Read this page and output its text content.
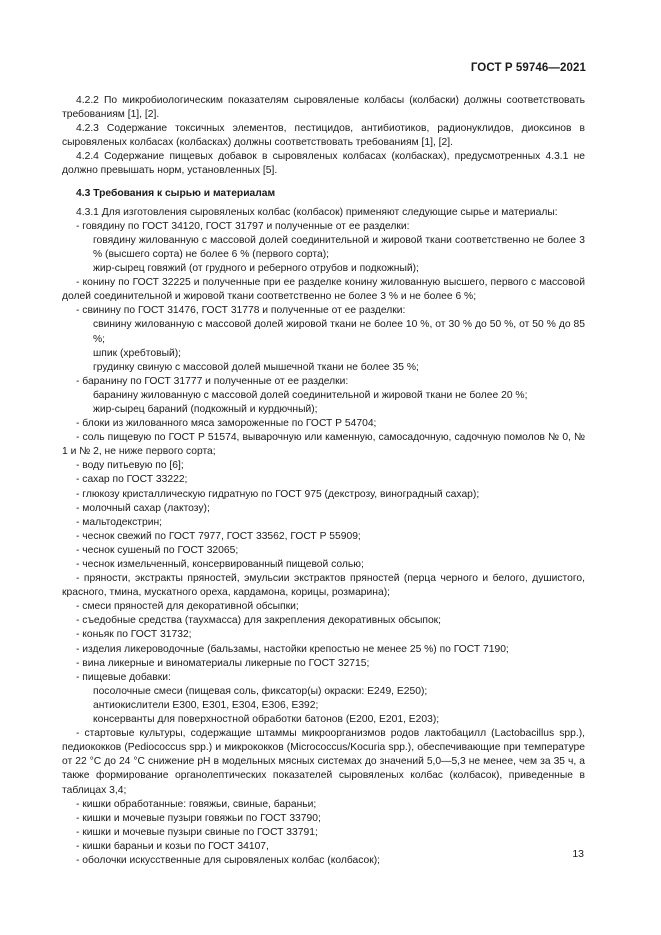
ГОСТ Р 59746—2021

4.2.2 По микробиологическим показателям сыровяленые колбасы (колбаски) должны соответствовать требованиям [1], [2].

4.2.3 Содержание токсичных элементов, пестицидов, антибиотиков, радионуклидов, диоксинов в сыровяленых колбасах (колбасках) должны соответствовать требованиям [1], [2].

4.2.4 Содержание пищевых добавок в сыровяленых колбасах (колбасках), предусмотренных 4.3.1 не должно превышать норм, установленных [5].

4.3 Требования к сырью и материалам

4.3.1 Для изготовления сыровяленых колбас (колбасок) применяют следующие сырье и материалы:

- говядину по ГОСТ 34120, ГОСТ 31797 и полученные от ее разделки:

говядину жилованную с массовой долей соединительной и жировой ткани соответственно не более 3 % (высшего сорта) не более 6 % (первого сорта);

жир-сырец говяжий (от грудного и реберного отрубов и подкожный);

- конину по ГОСТ 32225 и полученные при ее разделке конину жилованную высшего, первого с массовой долей соединительной и жировой ткани соответственно не более 3 % и не более 6 %;

- свинину по ГОСТ 31476, ГОСТ 31778 и полученные от ее разделки:

свинину жилованную с массовой долей жировой ткани не более 10 %, от 30 % до 50 %, от 50 % до 85 %;

шпик (хребтовый);

грудинку свиную с массовой долей мышечной ткани не более 35 %;

- баранину по ГОСТ 31777 и полученные от ее разделки:

баранину жилованную с массовой долей соединительной и жировой ткани не более 20 %;

жир-сырец бараний (подкожный и курдючный);

- блоки из жилованного мяса замороженные по ГОСТ Р 54704;

- соль пищевую по ГОСТ Р 51574, выварочную или каменную, самосадочную, садочную помолов № 0, № 1 и № 2, не ниже первого сорта;

- воду питьевую по [6];

- сахар по ГОСТ 33222;

- глюкозу кристаллическую гидратную по ГОСТ 975 (декстрозу, виноградный сахар);

- молочный сахар (лактозу);

- мальтодекстрин;

- чеснок свежий по ГОСТ 7977, ГОСТ 33562, ГОСТ Р 55909;

- чеснок сушеный по ГОСТ 32065;

- чеснок измельченный, консервированный пищевой солью;

- пряности, экстракты пряностей, эмульсии экстрактов пряностей (перца черного и белого, душистого, красного, тмина, мускатного ореха, кардамона, корицы, розмарина);

- смеси пряностей для декоративной обсыпки;

- съедобные средства (таухмасса) для закрепления декоративных обсыпок;

- коньяк по ГОСТ 31732;

- изделия ликероводочные (бальзамы, настойки крепостью не менее 25 %) по ГОСТ 7190;

- вина ликерные и виноматериалы ликерные по ГОСТ 32715;

- пищевые добавки:

посолочные смеси (пищевая соль, фиксатор(ы) окраски: Е249, Е250);

антиокислители Е300, Е301, Е304, Е306, Е392;

консерванты для поверхностной обработки батонов (Е200, Е201, Е203);

- стартовые культуры, содержащие штаммы микроорганизмов родов лактобацилл (Lactobacillus spp.), педиококков (Pediococcus spp.) и микрококков (Micrococcus/Kocuria spp.), обеспечивающие при температуре от 22 °С до 24 °С снижение рН в модельных мясных системах до значений 5,0—5,3 не менее, чем за 35 ч, а также формирование органолептических показателей сыровяленых колбас (колбасок), приведенные в таблицах 3,4;

- кишки обработанные: говяжьи, свиные, бараньи;

- кишки и мочевые пузыри говяжьи по ГОСТ 33790;

- кишки и мочевые пузыри свиные по ГОСТ 33791;

- кишки бараньи и козьи по ГОСТ 34107,

- оболочки искусственные для сыровяленых колбас (колбасок);

13
